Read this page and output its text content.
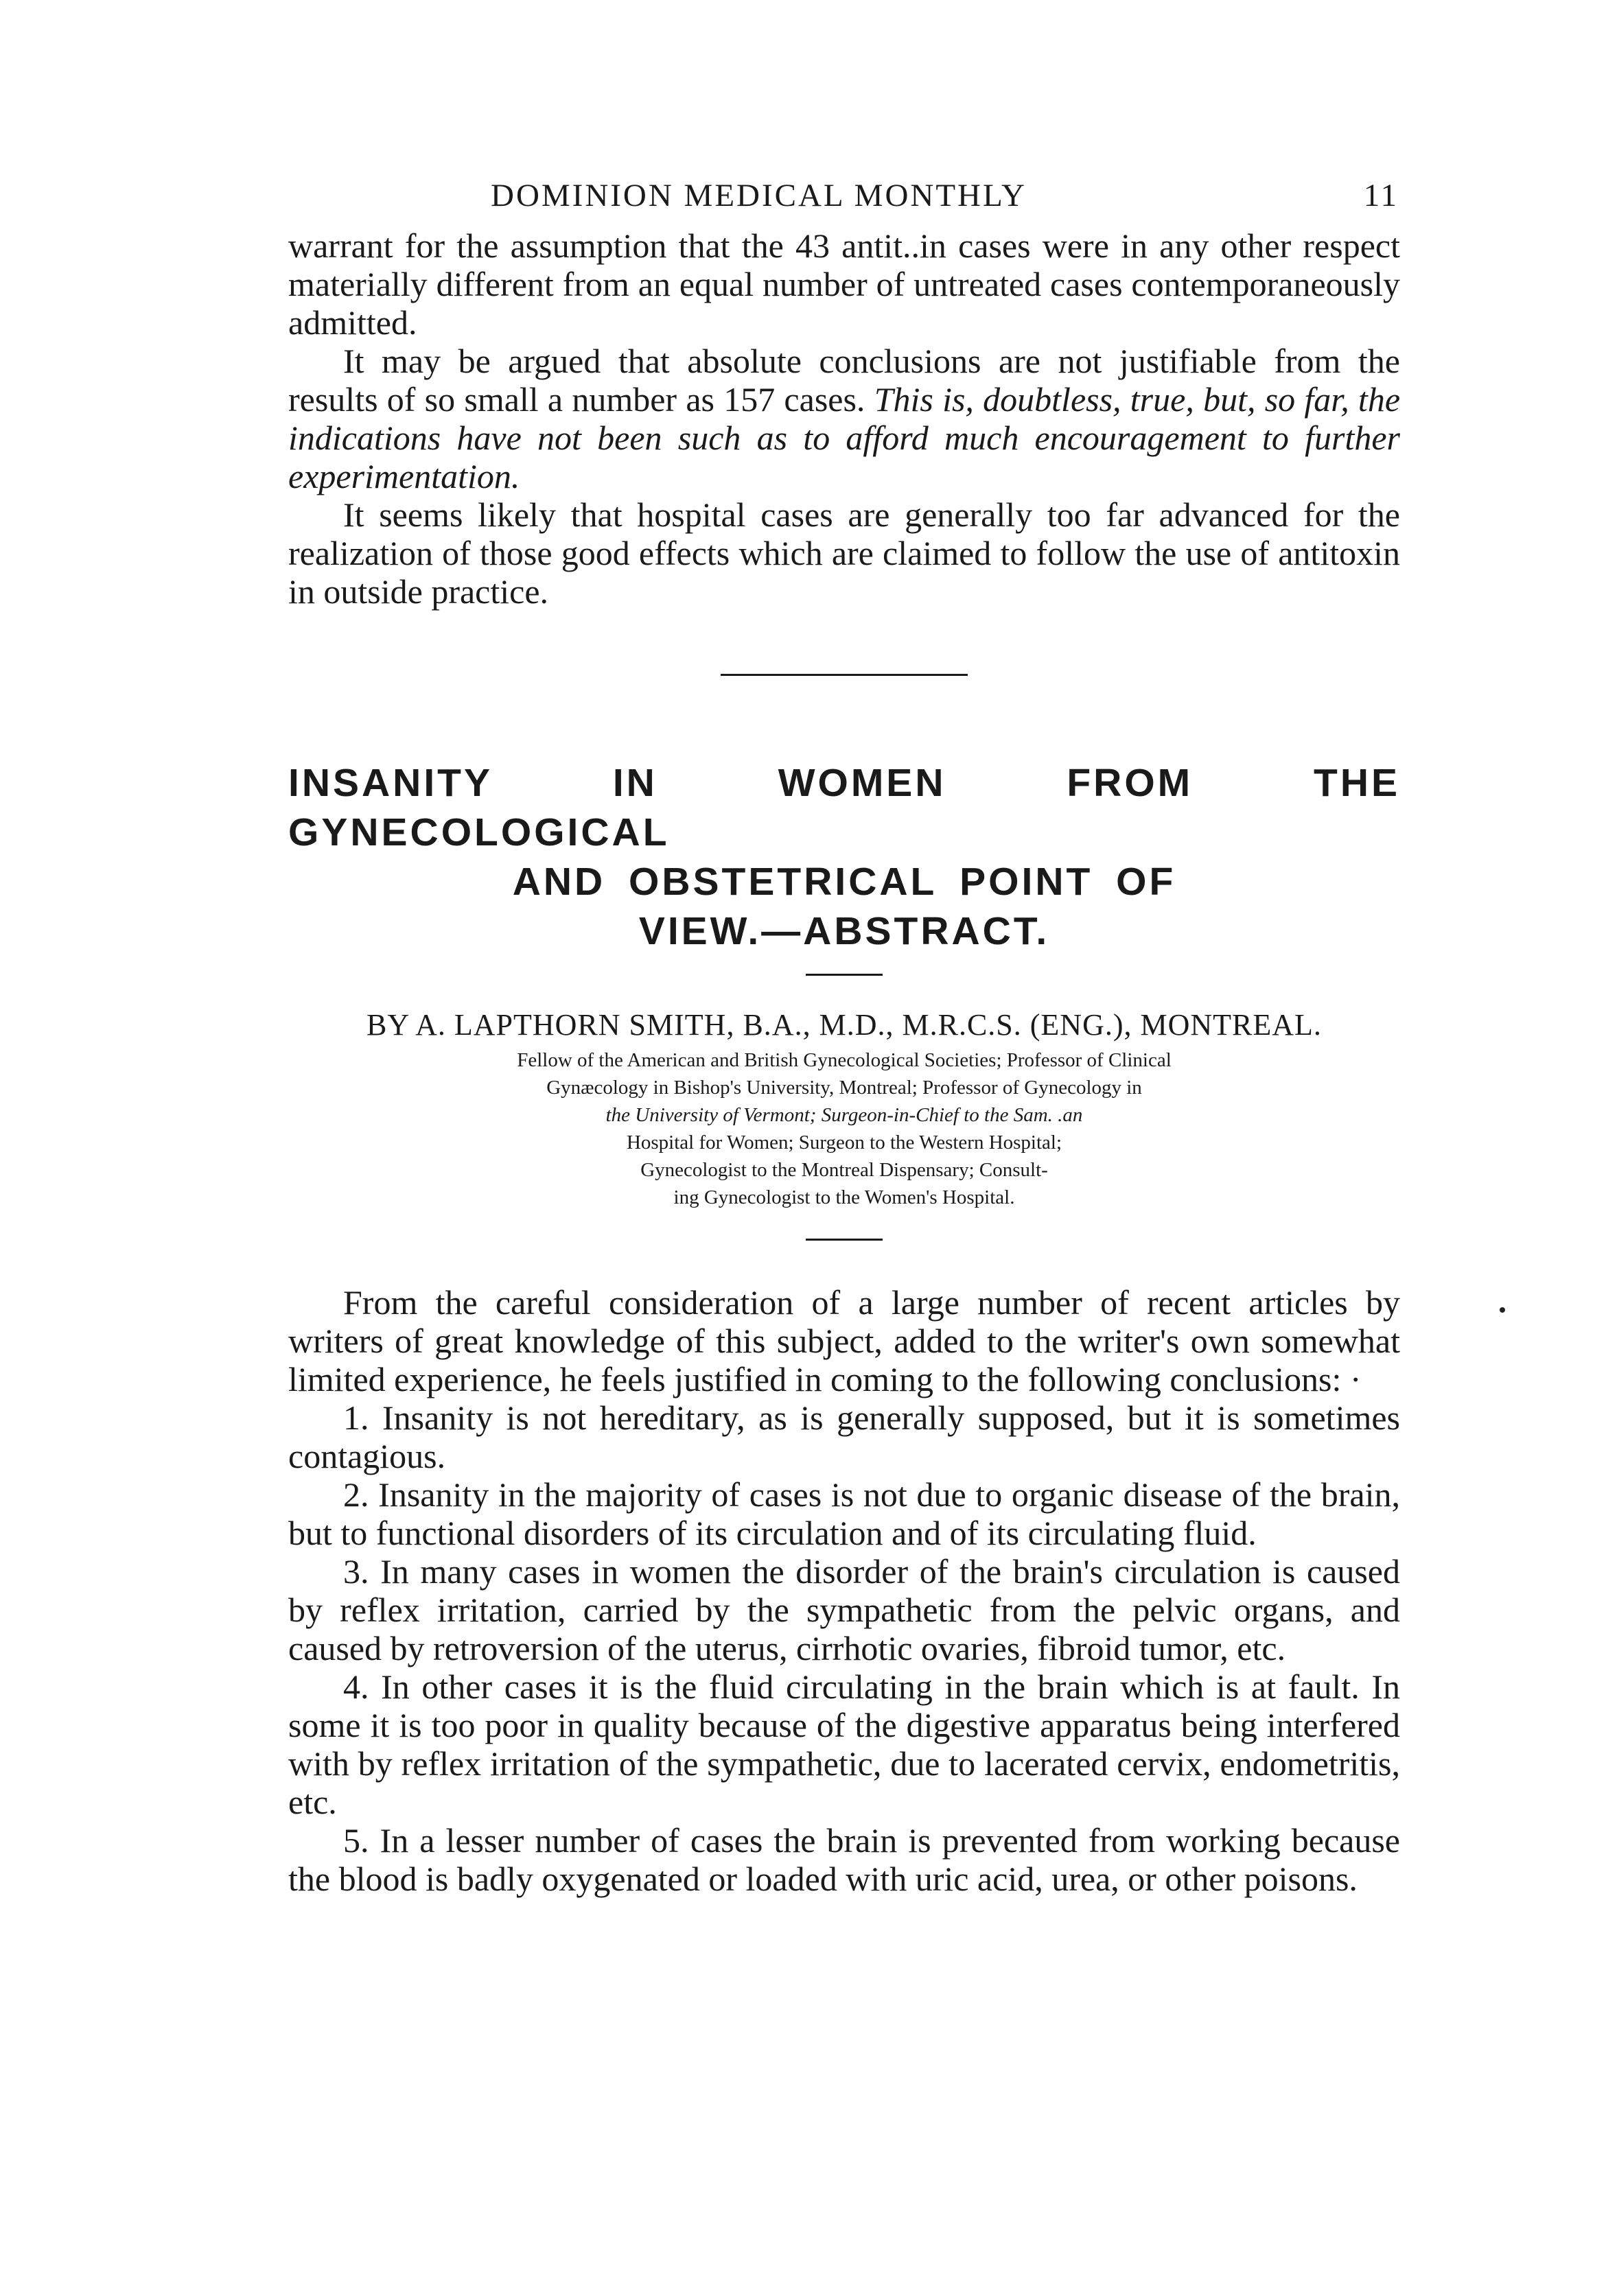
DOMINION MEDICAL MONTHLY	11

warrant for the assumption that the 43 antit..in cases were in any other respect materially different from an equal number of untreated cases contemporaneously admitted.

It may be argued that absolute conclusions are not justifiable from the results of so small a number as 157 cases. This is, doubtless, true, but, so far, the indications have not been such as to afford much encouragement to further experimentation.

It seems likely that hospital cases are generally too far advanced for the realization of those good effects which are claimed to follow the use of antitoxin in outside practice.

INSANITY IN WOMEN FROM THE GYNECOLOGICAL
AND OBSTETRICAL POINT OF
VIEW.—ABSTRACT.

BY A. LAPTHORN SMITH, B.A., M.D., M.R.C.S. (ENG.), MONTREAL.

Fellow of the American and British Gynecological Societies; Professor of Clinical
Gynæcology in Bishop's University, Montreal; Professor of Gynecology in
the University of Vermont; Surgeon-in-Chief to the Sam. .an
Hospital for Women; Surgeon to the Western Hospital;
Gynecologist to the Montreal Dispensary; Consult-
ing Gynecologist to the Women's Hospital.

From the careful consideration of a large number of recent articles by writers of great knowledge of this subject, added to the writer's own somewhat limited experience, he feels justified in coming to the following conclusions: ·

1. Insanity is not hereditary, as is generally supposed, but it is sometimes contagious.

2. Insanity in the majority of cases is not due to organic disease of the brain, but to functional disorders of its circulation and of its circulating fluid.

3. In many cases in women the disorder of the brain's circulation is caused by reflex irritation, carried by the sympathetic from the pelvic organs, and caused by retroversion of the uterus, cirrhotic ovaries, fibroid tumor, etc.

4. In other cases it is the fluid circulating in the brain which is at fault. In some it is too poor in quality because of the digestive apparatus being interfered with by reflex irritation of the sympathetic, due to lacerated cervix, endometritis, etc.

5. In a lesser number of cases the brain is prevented from working because the blood is badly oxygenated or loaded with uric acid, urea, or other poisons.
